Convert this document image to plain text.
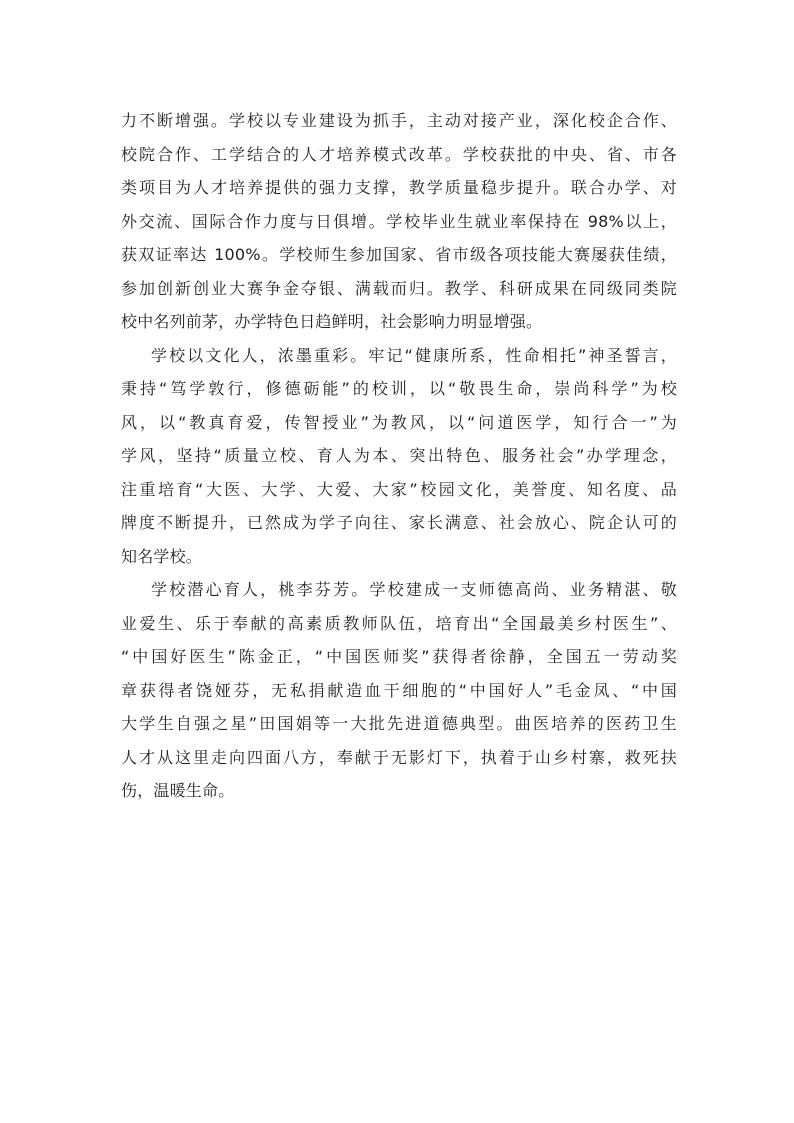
力不断增强。学校以专业建设为抓手，主动对接产业，深化校企合作、
校院合作、工学结合的人才培养模式改革。学校获批的中央、省、市各
类项目为人才培养提供的强力支撑，教学质量稳步提升。联合办学、对
外交流、国际合作力度与日俱增。学校毕业生就业率保持在 98%以上，
获双证率达 100%。学校师生参加国家、省市级各项技能大赛屡获佳绩，
参加创新创业大赛争金夺银、满载而归。教学、科研成果在同级同类院
校中名列前茅，办学特色日趋鲜明，社会影响力明显增强。
学校以文化人，浓墨重彩。牢记“健康所系，性命相托”神圣誓言，
秉持“笃学敦行，修德砺能”的校训，以“敬畏生命，崇尚科学”为校
风，以“教真育爱，传智授业”为教风，以“问道医学，知行合一”为
学风，坚持“质量立校、育人为本、突出特色、服务社会”办学理念，
注重培育“大医、大学、大爱、大家”校园文化，美誉度、知名度、品
牌度不断提升，已然成为学子向往、家长满意、社会放心、院企认可的
知名学校。
学校潜心育人，桃李芬芳。学校建成一支师德高尚、业务精湛、敬
业爱生、乐于奉献的高素质教师队伍，培育出“全国最美乡村医生”、
“中国好医生”陈金正，“中国医师奖”获得者徐静，全国五一劳动奖
章获得者饶娅芬，无私捐献造血干细胞的“中国好人”毛金凤、“中国
大学生自强之星”田国娟等一大批先进道德典型。曲医培养的医药卫生
人才从这里走向四面八方，奉献于无影灯下，执着于山乡村寨，救死扶
伤，温暖生命。
